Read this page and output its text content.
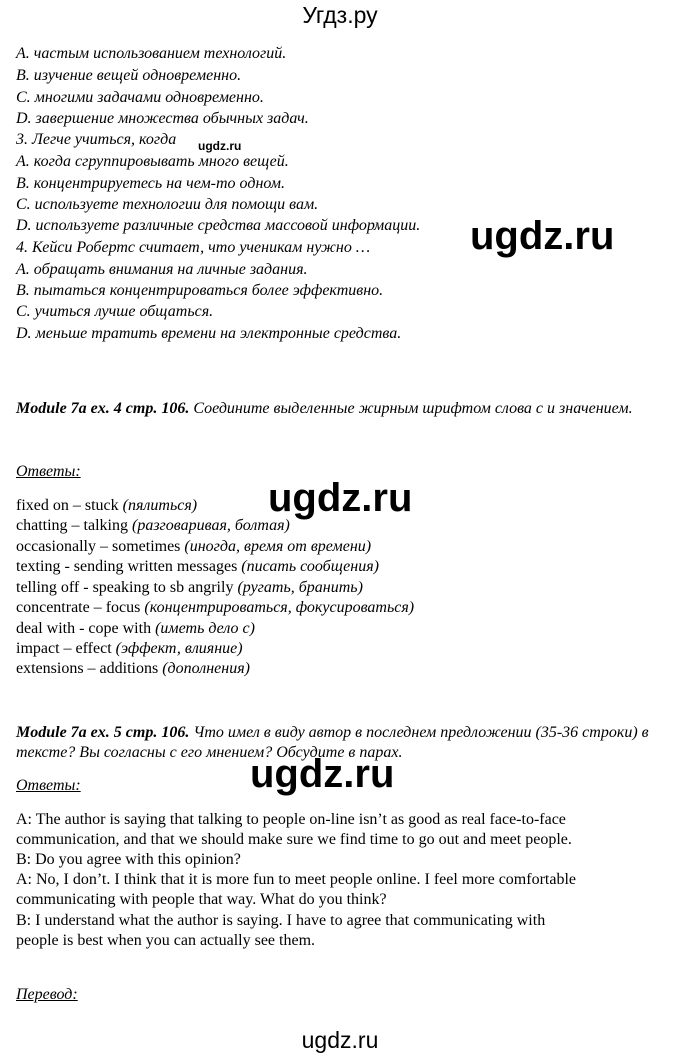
Угдз.ру
A. частым использованием технологий.
B. изучение вещей одновременно.
C. многими задачами одновременно.
D. завершение множества обычных задач.
3. Легче учиться, когда
A. когда сгруппировывать много вещей.
B. концентрируетесь на чем-то одном.
C. используете технологии для помощи вам.
D. используете различные средства массовой информации.
4. Кейси Робертс считает, что ученикам нужно …
A. обращать внимания на личные задания.
B. пытаться концентрироваться более эффективно.
C. учиться лучше общаться.
D. меньше тратить времени на электронные средства.
ugdz.ru
ugdz.ru
Module 7a ex. 4 стр. 106. Соедините выделенные жирным шрифтом слова с и значением.
Ответы:
ugdz.ru
fixed on – stuck (пялиться)
chatting – talking (разговаривая, болтая)
occasionally – sometimes (иногда, время от времени)
texting - sending written messages (писать сообщения)
telling off - speaking to sb angrily (ругать, бранить)
concentrate – focus (концентрироваться, фокусироваться)
deal with - cope with (иметь дело с)
impact – effect (эффект, влияние)
extensions – additions (дополнения)
Module 7a ex. 5 стр. 106. Что имел в виду автор в последнем предложении (35-36 строки) в тексте? Вы согласны с его мнением? Обсудите в парах.
Ответы:	ugdz.ru
A: The author is saying that talking to people on-line isn’t as good as real face-to-face
communication, and that we should make sure we find time to go out and meet people.
B: Do you agree with this opinion?
A: No, I don’t. I think that it is more fun to meet people online. I feel more comfortable
communicating with people that way. What do you think?
B: I understand what the author is saying. I have to agree that communicating with
people is best when you can actually see them.
Перевод:
ugdz.ru
